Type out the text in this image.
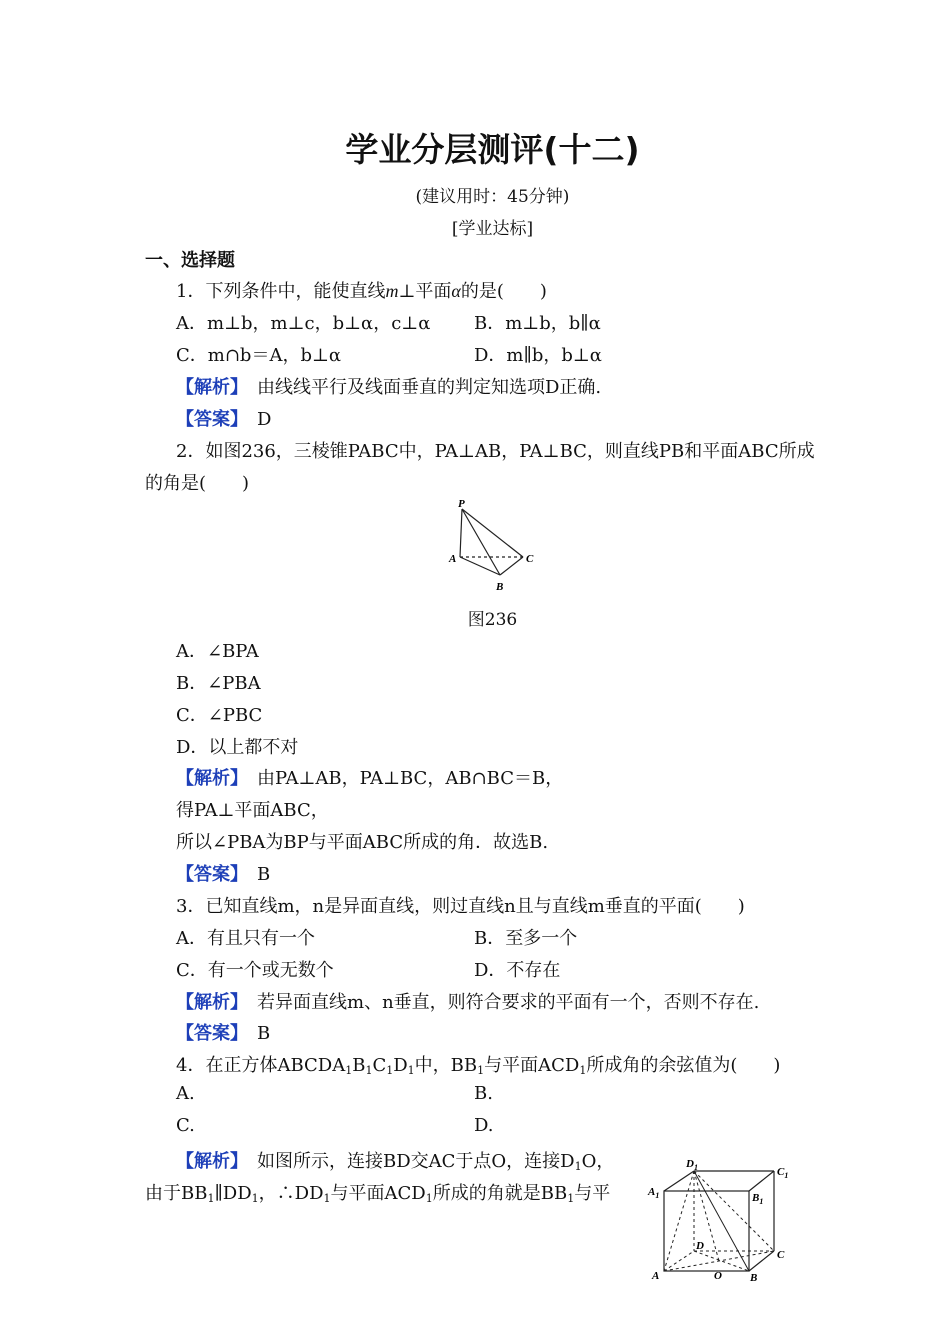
学业分层测评(十二)
(建议用时：45分钟)
[学业达标]
一、选择题
1．下列条件中，能使直线m⊥平面α的是(　　)
A．m⊥b，m⊥c，b⊥α，c⊥α B．m⊥b，b∥α
C．m∩b＝A，b⊥α	D．m∥b，b⊥α
【解析】　 由线线平行及线面垂直的判定知选项D正确.
【答案】　 D
2．如图236，三棱锥PABC中，PA⊥AB，PA⊥BC，则直线PB和平面ABC所成
的角是(　　)
P
A
B
C
图236
A．∠BPA
B．∠PBA
C．∠PBC
D．以上都不对
【解析】　 由PA⊥AB，PA⊥BC，AB∩BC＝B，
得PA⊥平面ABC，
所以∠PBA为BP与平面ABC所成的角．故选B.
【答案】　 B
3．已知直线m，n是异面直线，则过直线n且与直线m垂直的平面(　　)
A．有且只有一个	B．至多一个
C．有一个或无数个	D．不存在
【解析】　 若异面直线m、n垂直，则符合要求的平面有一个，否则不存在.
【答案】　 B
4．在正方体$ABCDA_1B_1C_1D_1$中，$BB_1$与平面$ACD_1$所成角的余弦值为(　　)
A.	B.
C.	D.
【解析】　 如图所示，连接BD交AC于点O，连接$D_1O$，
由于$BB_1\parallel DD_1$，$\therefore DD_1$与平面$ACD_1$所成的角就是$BB_1$与平
$D_1$	$C_1$
$A_1$	$B_1$
D
C
A	O	B
